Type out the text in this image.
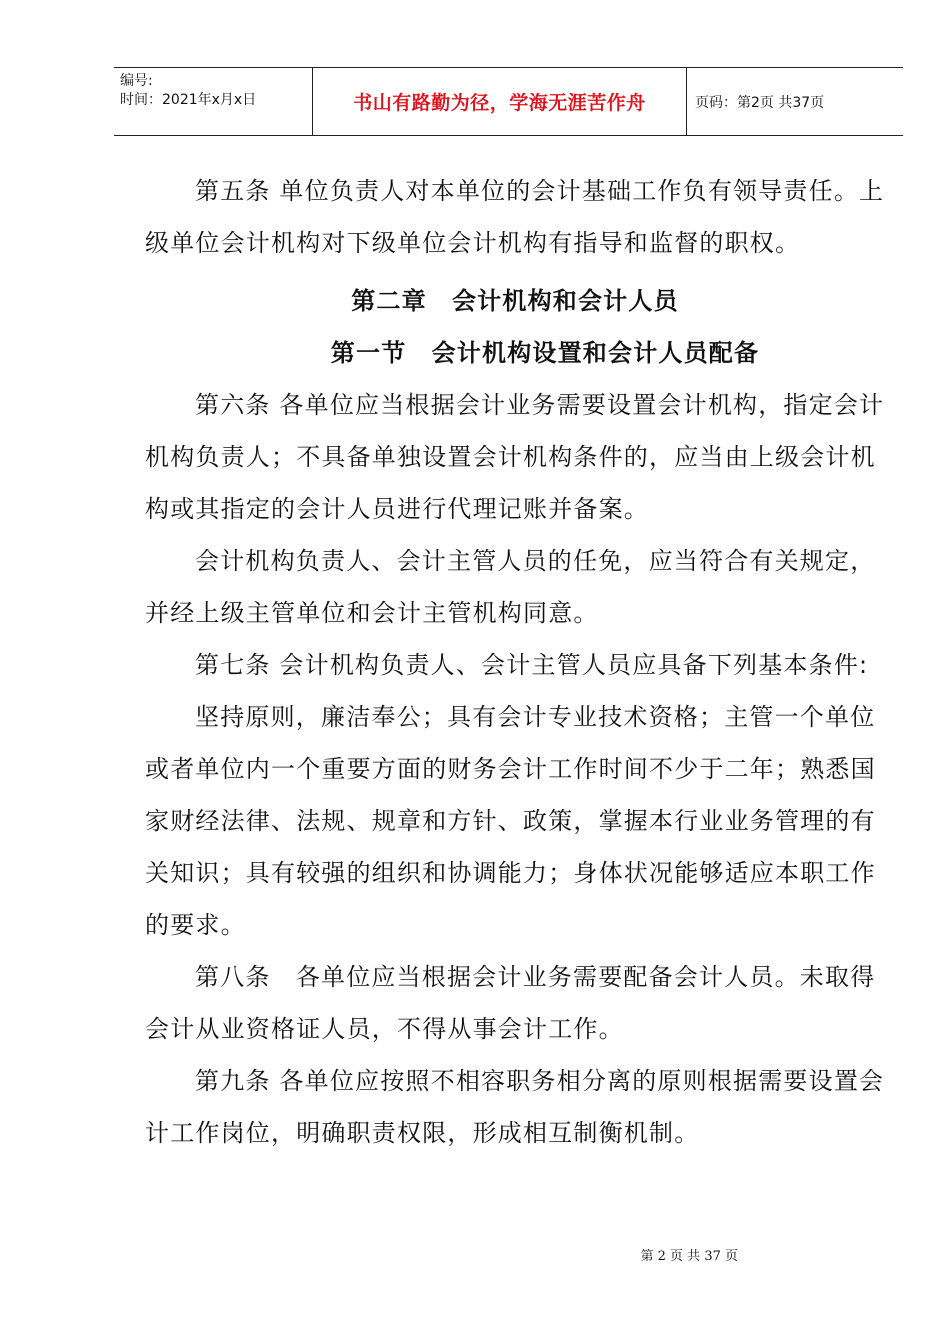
编号:
时间：2021年x月x日	书山有路勤为径，学海无涯苦作舟	页码：第2页 共37页

第五条 单位负责人对本单位的会计基础工作负有领导责任。上级单位会计机构对下级单位会计机构有指导和监督的职权。

第二章　会计机构和会计人员

第一节　会计机构设置和会计人员配备

第六条 各单位应当根据会计业务需要设置会计机构，指定会计机构负责人；不具备单独设置会计机构条件的，应当由上级会计机构或其指定的会计人员进行代理记账并备案。

会计机构负责人、会计主管人员的任免，应当符合有关规定，并经上级主管单位和会计主管机构同意。

第七条 会计机构负责人、会计主管人员应具备下列基本条件:

坚持原则，廉洁奉公；具有会计专业技术资格；主管一个单位或者单位内一个重要方面的财务会计工作时间不少于二年；熟悉国家财经法律、法规、规章和方针、政策，掌握本行业业务管理的有关知识；具有较强的组织和协调能力；身体状况能够适应本职工作的要求。

第八条　各单位应当根据会计业务需要配备会计人员。未取得会计从业资格证人员，不得从事会计工作。

第九条 各单位应按照不相容职务相分离的原则根据需要设置会计工作岗位，明确职责权限，形成相互制衡机制。

第 2 页 共 37 页
